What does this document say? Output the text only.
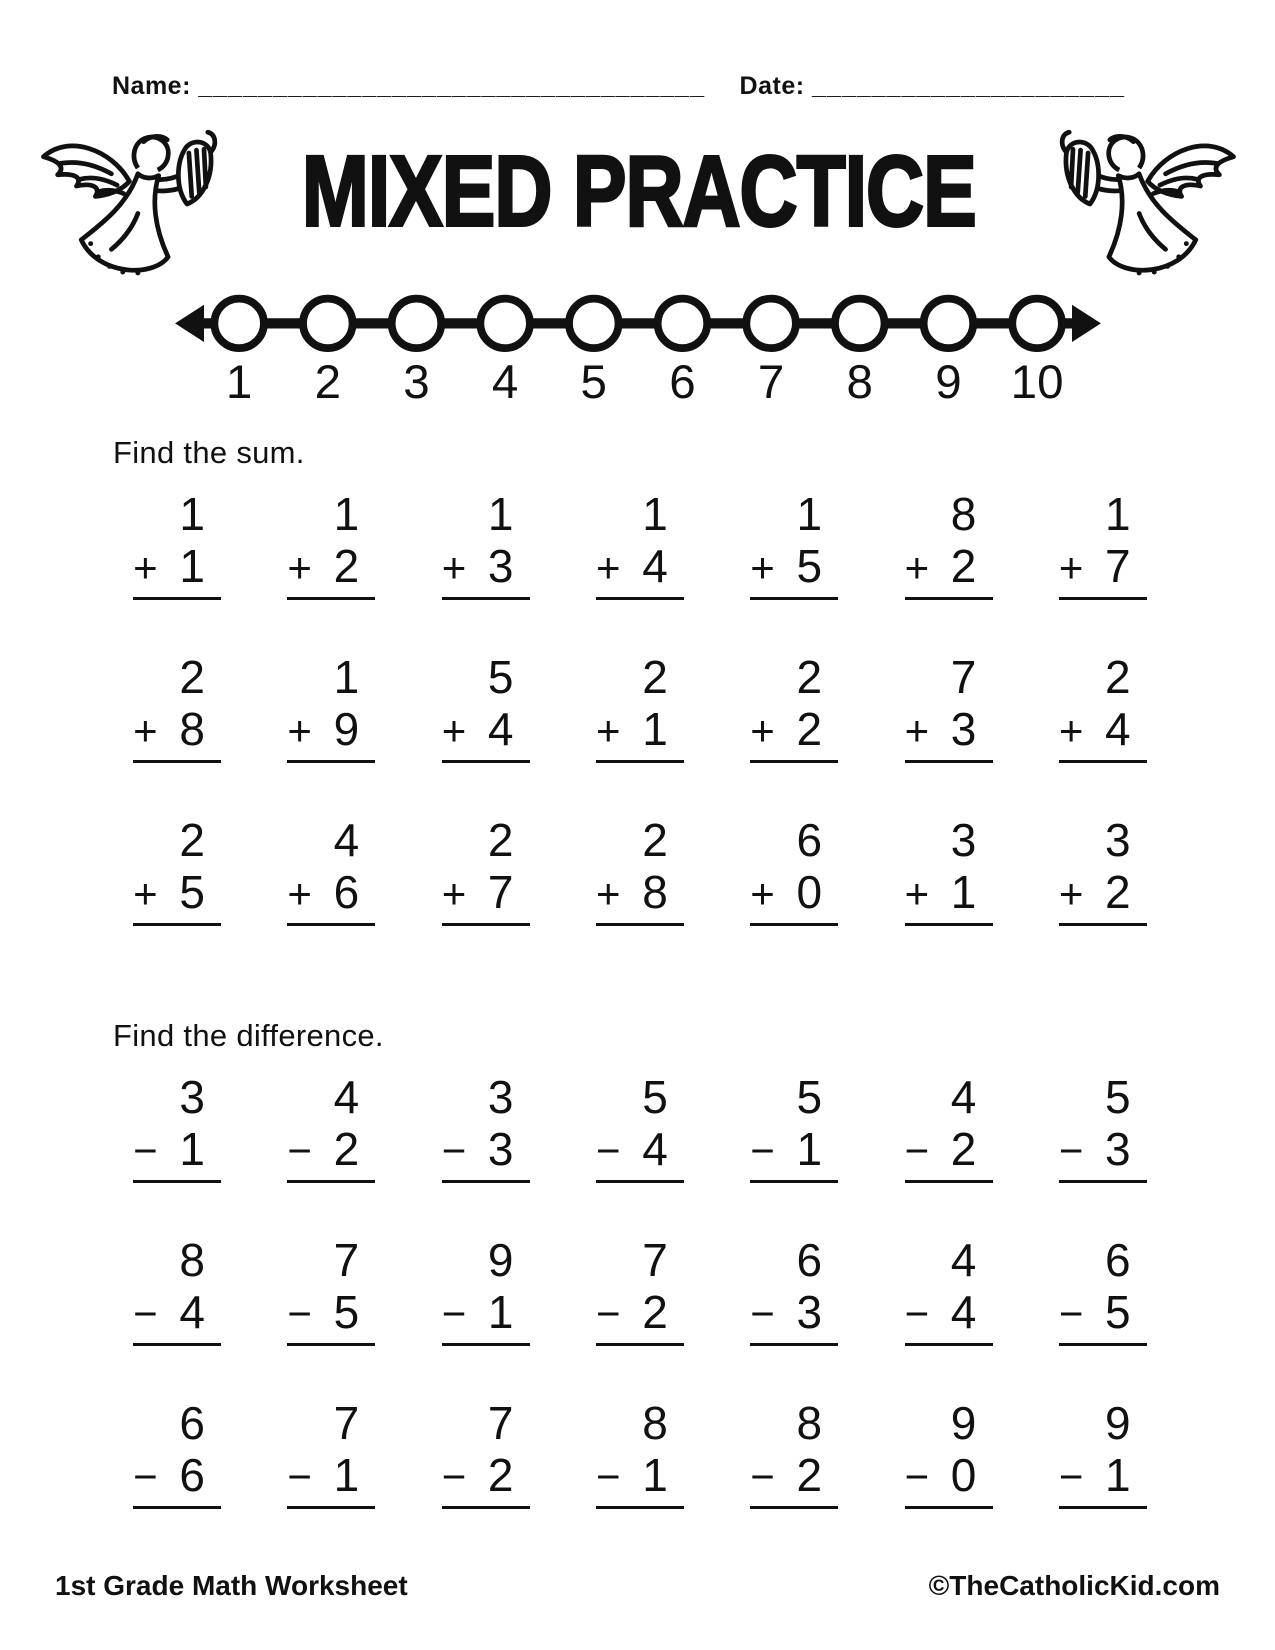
Name: __________________________________ Date: _____________________
MIXED PRACTICE
1 2 3 4 5 6 7 8 9 10
Find the sum.
1
+ 1
1
+ 2
1
+ 3
1
+ 4
1
+ 5
8
+ 2
1
+ 7
2
+ 8
1
+ 9
5
+ 4
2
+ 1
2
+ 2
7
+ 3
2
+ 4
2
+ 5
4
+ 6
2
+ 7
2
+ 8
6
+ 0
3
+ 1
3
+ 2
Find the difference.
3
− 1
4
− 2
3
− 3
5
− 4
5
− 1
4
− 2
5
− 3
8
− 4
7
− 5
9
− 1
7
− 2
6
− 3
4
− 4
6
− 5
6
− 6
7
− 1
7
− 2
8
− 1
8
− 2
9
− 0
9
− 1
1st Grade Math Worksheet	©TheCatholicKid.com
